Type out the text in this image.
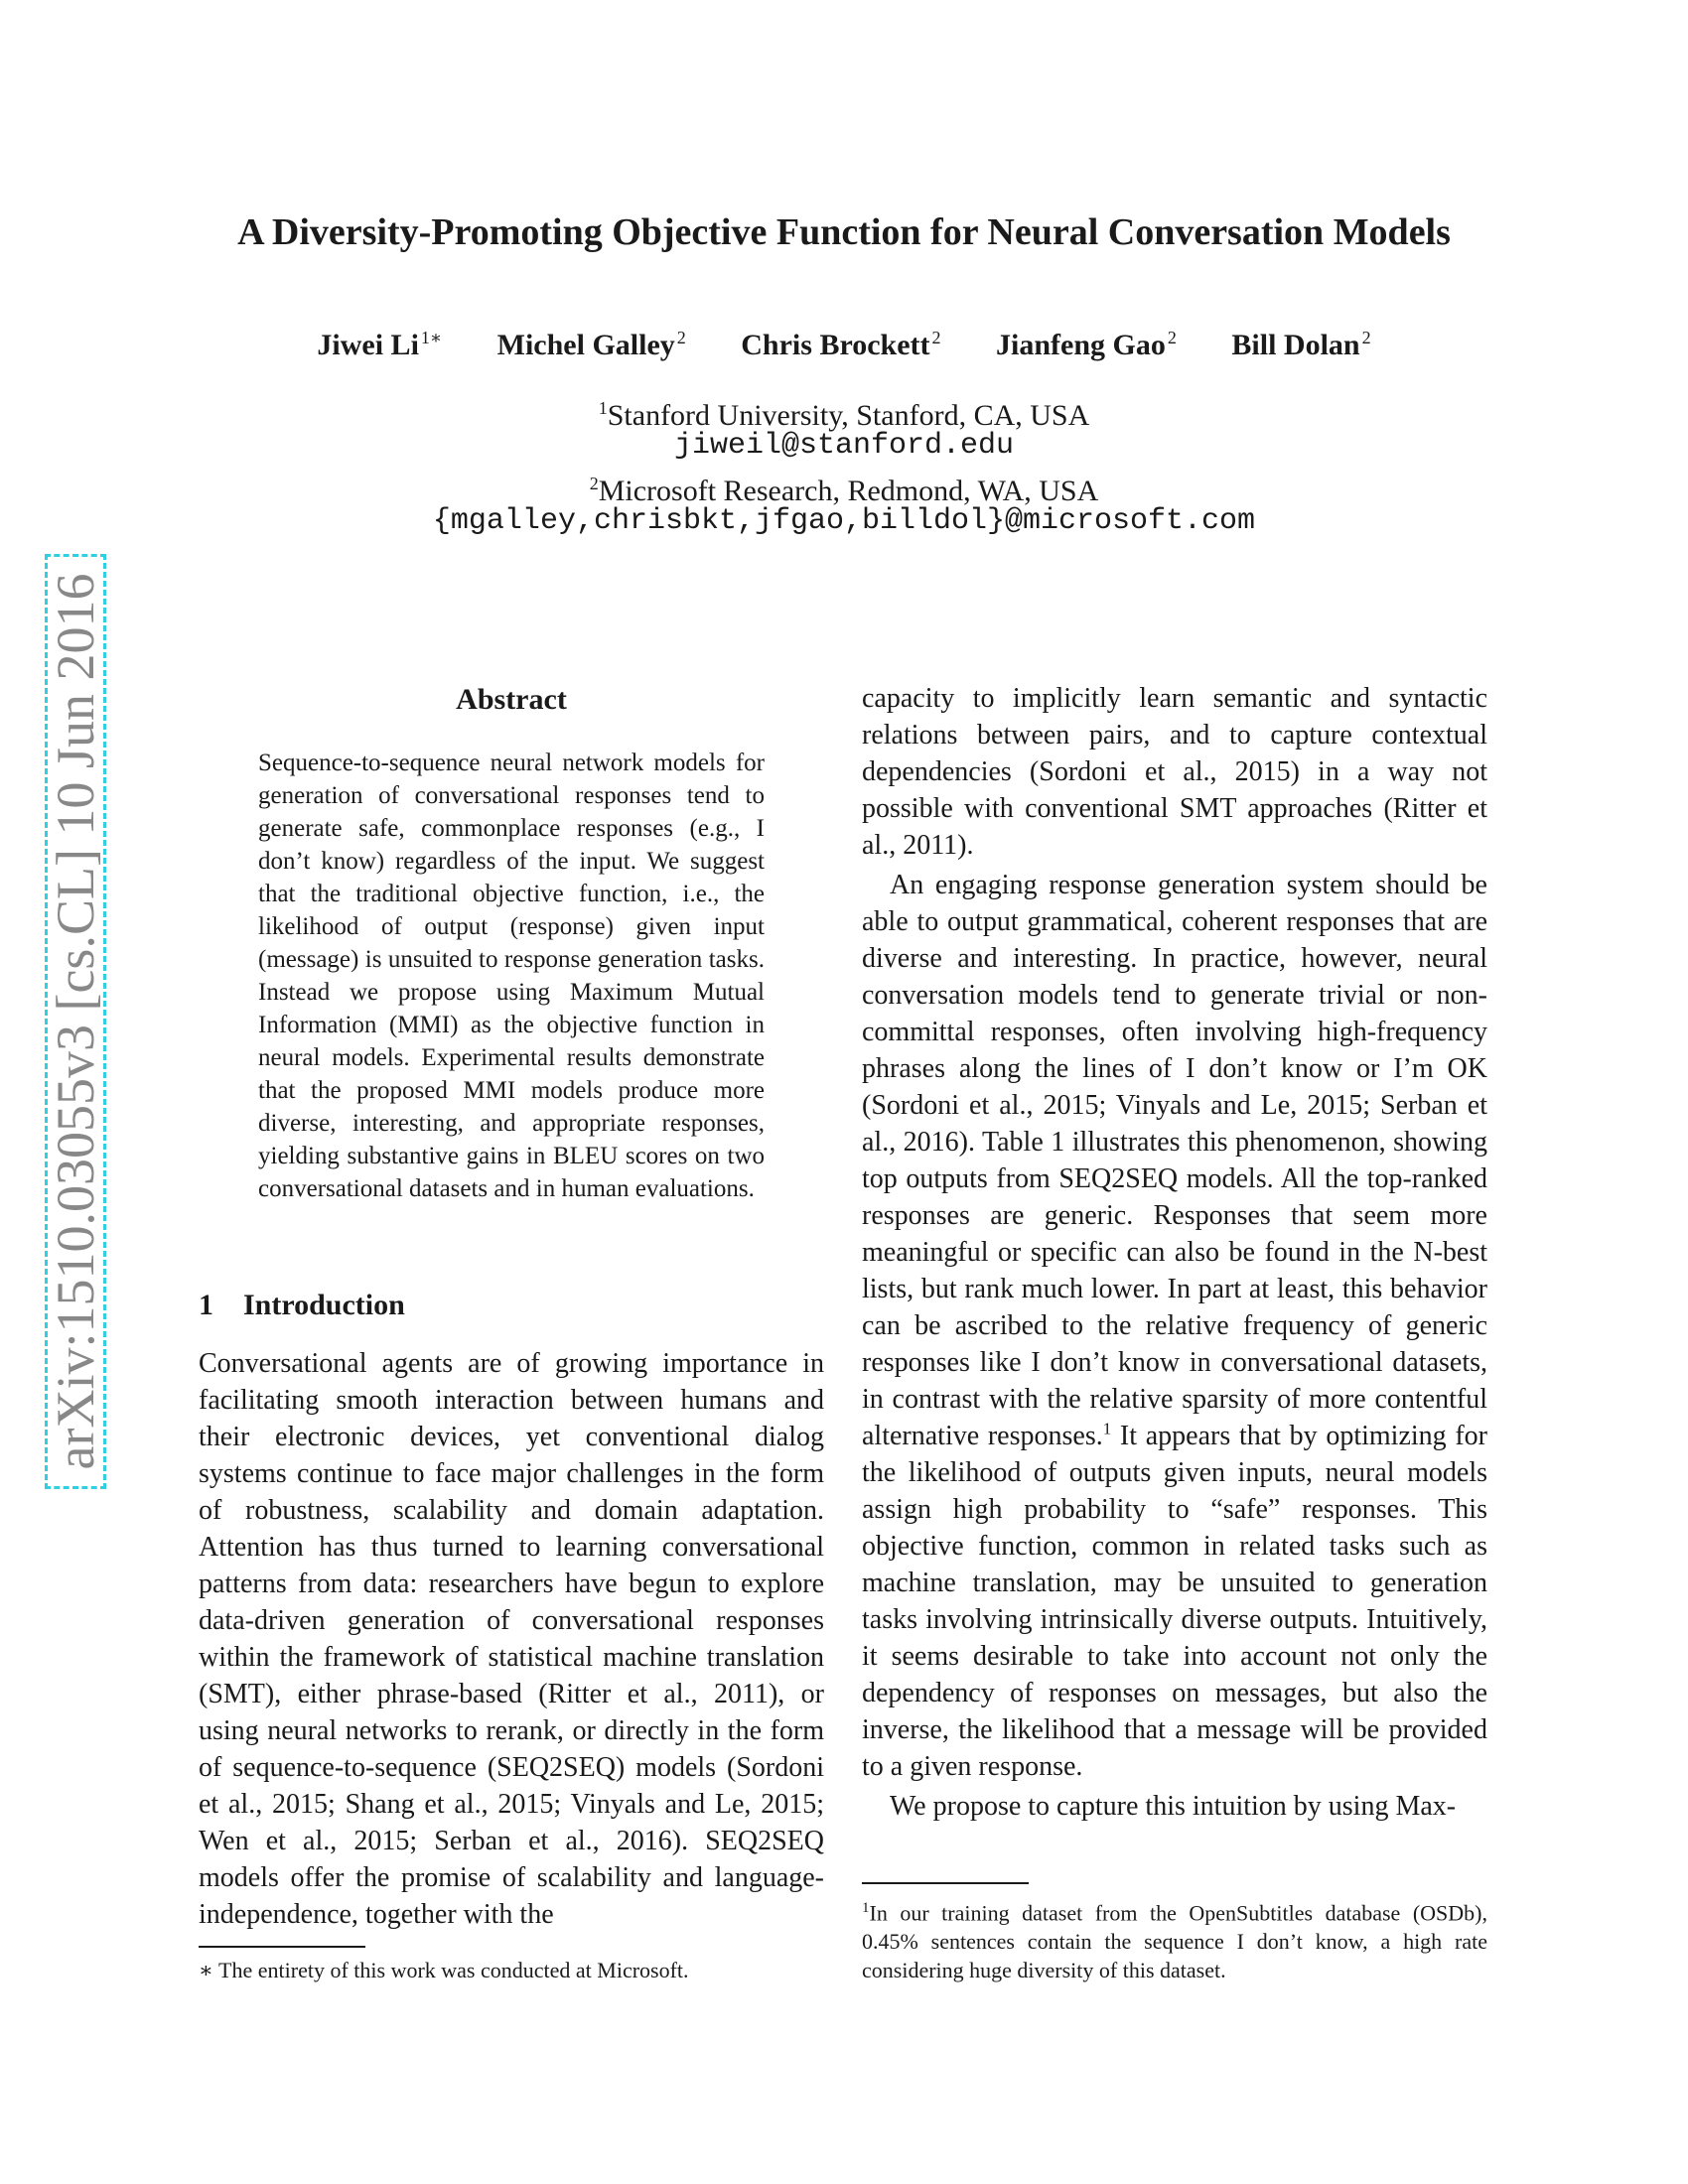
arXiv:1510.03055v3 [cs.CL] 10 Jun 2016
A Diversity-Promoting Objective Function for Neural Conversation Models
Jiwei Li $^{1∗}$ Michel Galley $^2$ Chris Brockett $^2$ Jianfeng Gao $^2$ Bill Dolan $^2$
$^1$Stanford University, Stanford, CA, USA
jiweil@stanford.edu
$^2$Microsoft Research, Redmond, WA, USA
{mgalley,chrisbkt,jfgao,billdol}@microsoft.com
Abstract
Sequence-to-sequence neural network models for generation of conversational responses tend to generate safe, commonplace responses (e.g., I don’t know) regardless of the input. We suggest that the traditional objective function, i.e., the likelihood of output (response) given input (message) is unsuited to response generation tasks. Instead we propose using Maximum Mutual Information (MMI) as the objective function in neural models. Experimental results demonstrate that the proposed MMI models produce more diverse, interesting, and appropriate responses, yielding substantive gains in BLEU scores on two conversational datasets and in human evaluations.
1 Introduction

Conversational agents are of growing importance in facilitating smooth interaction between humans and their electronic devices, yet conventional dialog systems continue to face major challenges in the form of robustness, scalability and domain adaptation. Attention has thus turned to learning conversational patterns from data: researchers have begun to explore data-driven generation of conversational responses within the framework of statistical machine translation (SMT), either phrase-based (Ritter et al., 2011), or using neural networks to rerank, or directly in the form of sequence-to-sequence (SEQ2SEQ) models (Sordoni et al., 2015; Shang et al., 2015; Vinyals and Le, 2015; Wen et al., 2015; Serban et al., 2016). SEQ2SEQ models offer the promise of scalability and language-independence, together with the

capacity to implicitly learn semantic and syntactic relations between pairs, and to capture contextual dependencies (Sordoni et al., 2015) in a way not possible with conventional SMT approaches (Ritter et al., 2011).

An engaging response generation system should be able to output grammatical, coherent responses that are diverse and interesting. In practice, however, neural conversation models tend to generate trivial or non-committal responses, often involving high-frequency phrases along the lines of I don’t know or I’m OK (Sordoni et al., 2015; Vinyals and Le, 2015; Serban et al., 2016). Table 1 illustrates this phenomenon, showing top outputs from SEQ2SEQ models. All the top-ranked responses are generic. Responses that seem more meaningful or specific can also be found in the N-best lists, but rank much lower. In part at least, this behavior can be ascribed to the relative frequency of generic responses like I don’t know in conversational datasets, in contrast with the relative sparsity of more contentful alternative responses.$^1$ It appears that by optimizing for the likelihood of outputs given inputs, neural models assign high probability to “safe” responses. This objective function, common in related tasks such as machine translation, may be unsuited to generation tasks involving intrinsically diverse outputs. Intuitively, it seems desirable to take into account not only the dependency of responses on messages, but also the inverse, the likelihood that a message will be provided to a given response.

We propose to capture this intuition by using Max-

∗ The entirety of this work was conducted at Microsoft.
$^1$In our training dataset from the OpenSubtitles database (OSDb), 0.45% sentences contain the sequence I don’t know, a high rate considering huge diversity of this dataset.
